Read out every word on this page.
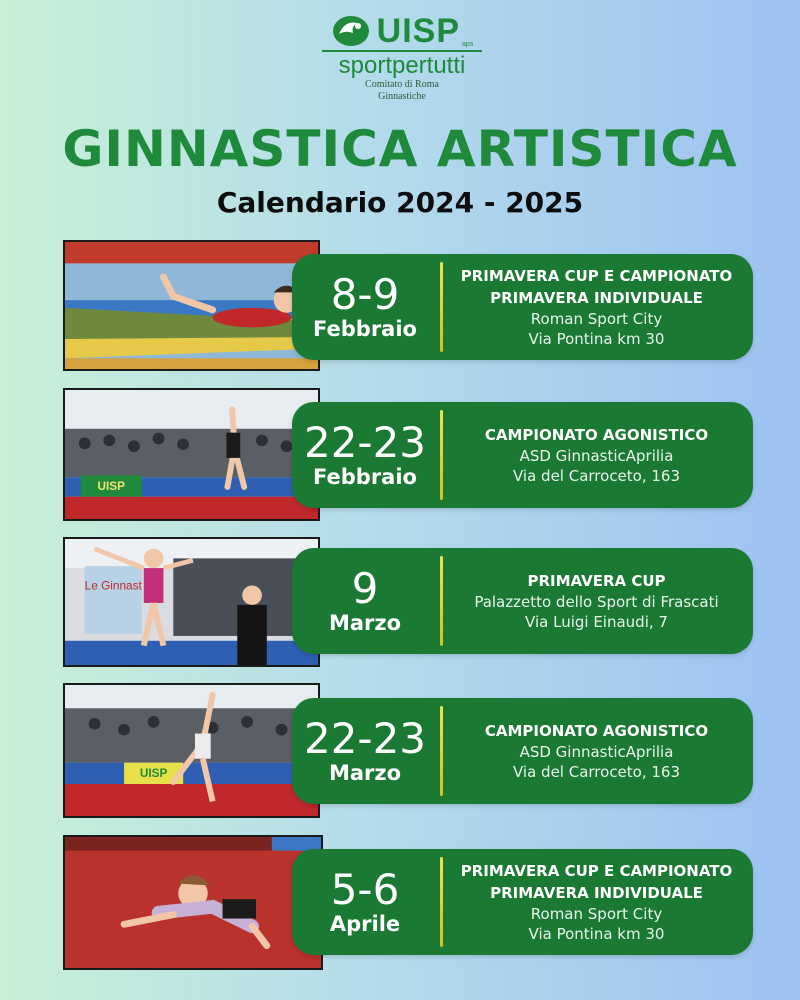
UISP aps
sportpertutti
Comitato di Roma
Ginnastiche
GINNASTICA ARTISTICA
Calendario 2024 - 2025
8-9
Febbraio
PRIMAVERA CUP E CAMPIONATO
PRIMAVERA INDIVIDUALE
Roman Sport City
Via Pontina km 30
UISP
22-23
Febbraio
CAMPIONATO AGONISTICO
ASD GinnasticAprilia
Via del Carroceto, 163
Le Ginnast	9
Marzo
PRIMAVERA CUP
Palazzetto dello Sport di Frascati
Via Luigi Einaudi, 7
UISP
22-23
Marzo
CAMPIONATO AGONISTICO
ASD GinnasticAprilia
Via del Carroceto, 163
5-6
Aprile
PRIMAVERA CUP E CAMPIONATO
PRIMAVERA INDIVIDUALE
Roman Sport City
Via Pontina km 30
